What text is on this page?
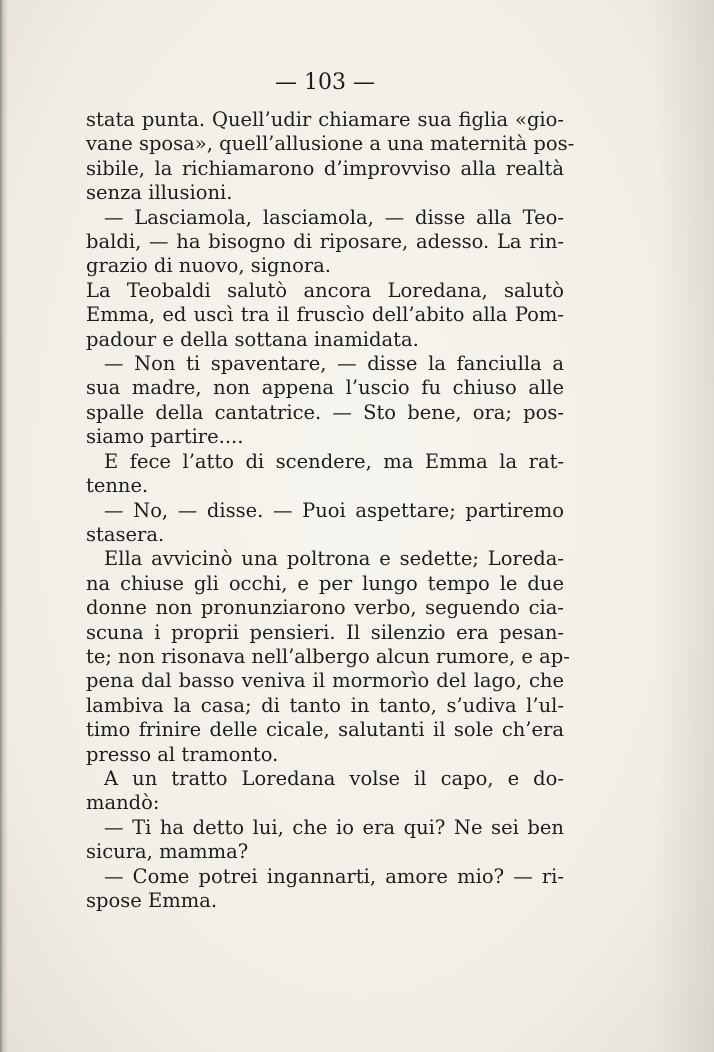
— 103 —
stata punta. Quell’udir chiamare sua figlia «gio-
vane sposa», quell’allusione a una maternità pos-
sibile, la richiamarono d’improvviso alla realtà
senza illusioni.
— Lasciamola, lasciamola, — disse alla Teo-
baldi, — ha bisogno di riposare, adesso. La rin-
grazio di nuovo, signora.
La Teobaldi salutò ancora Loredana, salutò
Emma, ed uscì tra il fruscìo dell’abito alla Pom-
padour e della sottana inamidata.
— Non ti spaventare, — disse la fanciulla a
sua madre, non appena l’uscio fu chiuso alle
spalle della cantatrice. — Sto bene, ora; pos-
siamo partire....
E fece l’atto di scendere, ma Emma la rat-
tenne.
— No, — disse. — Puoi aspettare; partiremo
stasera.
Ella avvicinò una poltrona e sedette; Loreda-
na chiuse gli occhi, e per lungo tempo le due
donne non pronunziarono verbo, seguendo cia-
scuna i proprii pensieri. Il silenzio era pesan-
te; non risonava nell’albergo alcun rumore, e ap-
pena dal basso veniva il mormorìo del lago, che
lambiva la casa; di tanto in tanto, s’udiva l’ul-
timo frinire delle cicale, salutanti il sole ch’era
presso al tramonto.
A un tratto Loredana volse il capo, e do-
mandò:
— Ti ha detto lui, che io era qui? Ne sei ben
sicura, mamma?
— Come potrei ingannarti, amore mio? — ri-
spose Emma.
